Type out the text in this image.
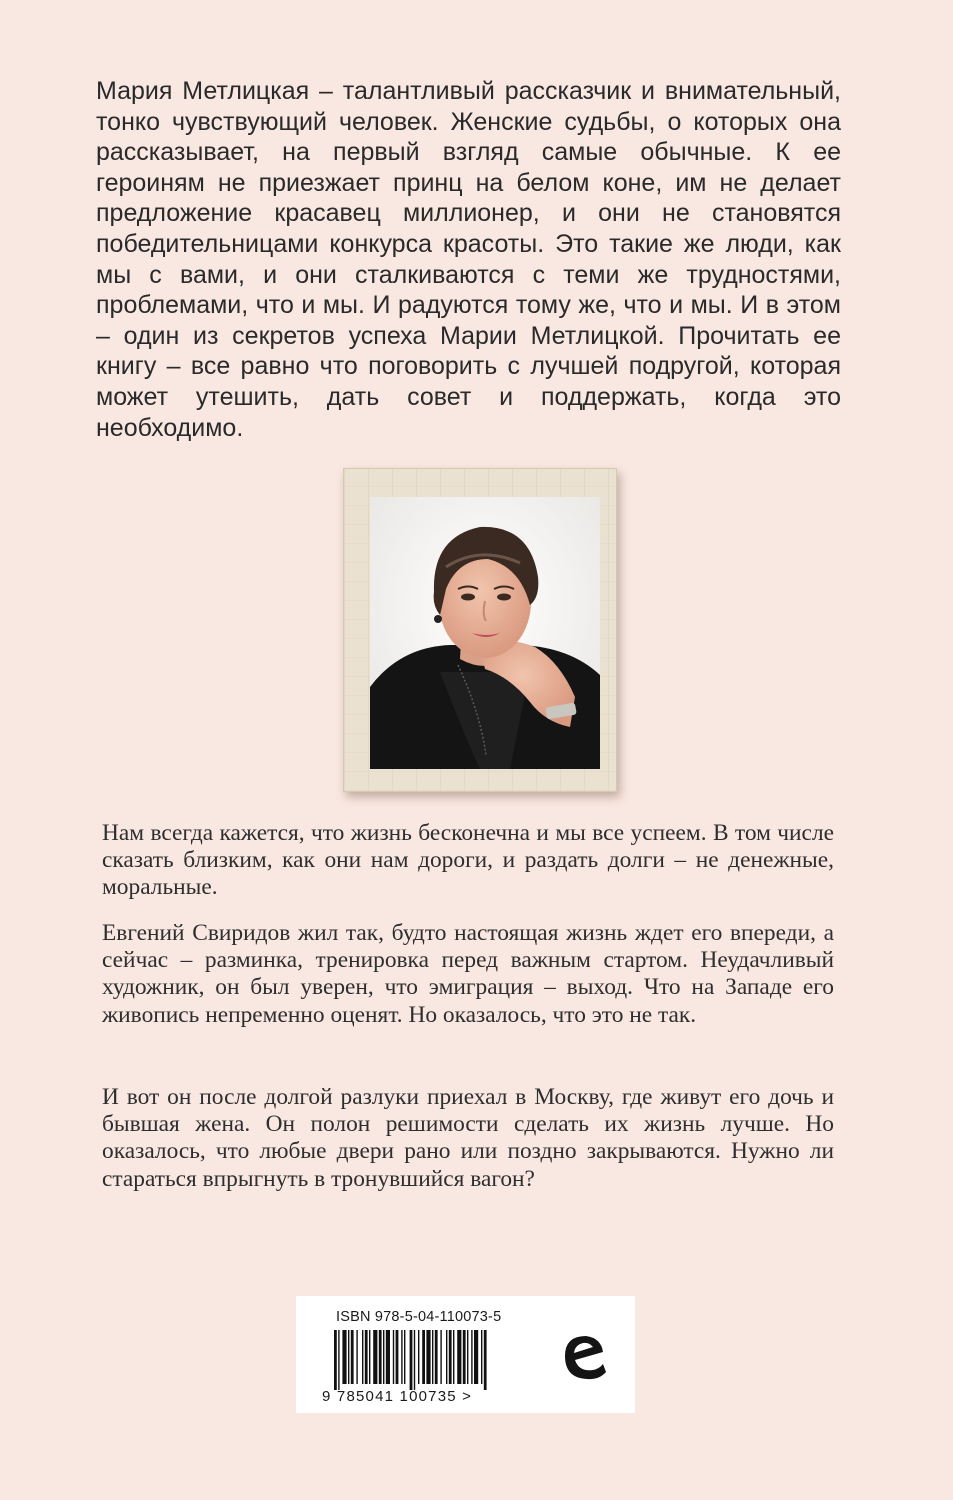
Мария Метлицкая – талантливый рассказчик и внимательный, тонко чувствующий человек. Женские судьбы, о которых она рассказывает, на первый взгляд самые обычные. К ее героиням не приезжает принц на белом коне, им не делает предложение красавец миллионер, и они не становятся победительницами конкурса красоты. Это такие же люди, как мы с вами, и они сталкиваются с теми же трудностями, проблемами, что и мы. И радуются тому же, что и мы. И в этом – один из секретов успеха Марии Метлицкой. Прочитать ее книгу – все равно что поговорить с лучшей подругой, которая может утешить, дать совет и поддержать, когда это необходимо.

Нам всегда кажется, что жизнь бесконечна и мы все успеем. В том числе сказать близким, как они нам дороги, и раздать долги – не денежные, моральные.

Евгений Свиридов жил так, будто настоящая жизнь ждет его впереди, а сейчас – разминка, тренировка перед важным стартом. Неудачливый художник, он был уверен, что эмиграция – выход. Что на Западе его живопись непременно оценят. Но оказалось, что это не так.

И вот он после долгой разлуки приехал в Москву, где живут его дочь и бывшая жена. Он полон решимости сделать их жизнь лучше. Но оказалось, что любые двери рано или поздно закрываются. Нужно ли стараться впрыгнуть в тронувшийся вагон?

ISBN 978-5-04-110073-5
9 785041 100735 >
